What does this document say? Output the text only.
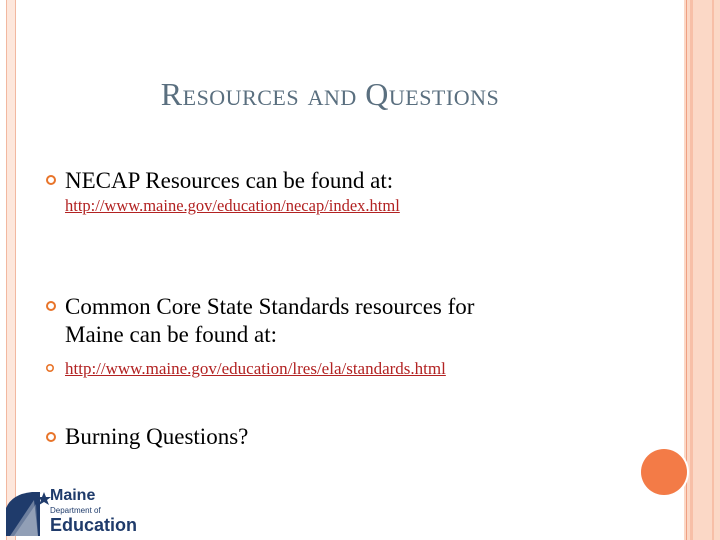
Resources and Questions
NECAP Resources can be found at:
http://www.maine.gov/education/necap/index.html
Common Core State Standards resources for
Maine can be found at:
http://www.maine.gov/education/lres/ela/standards.html
Burning Questions?
Maine
Department of
Education
